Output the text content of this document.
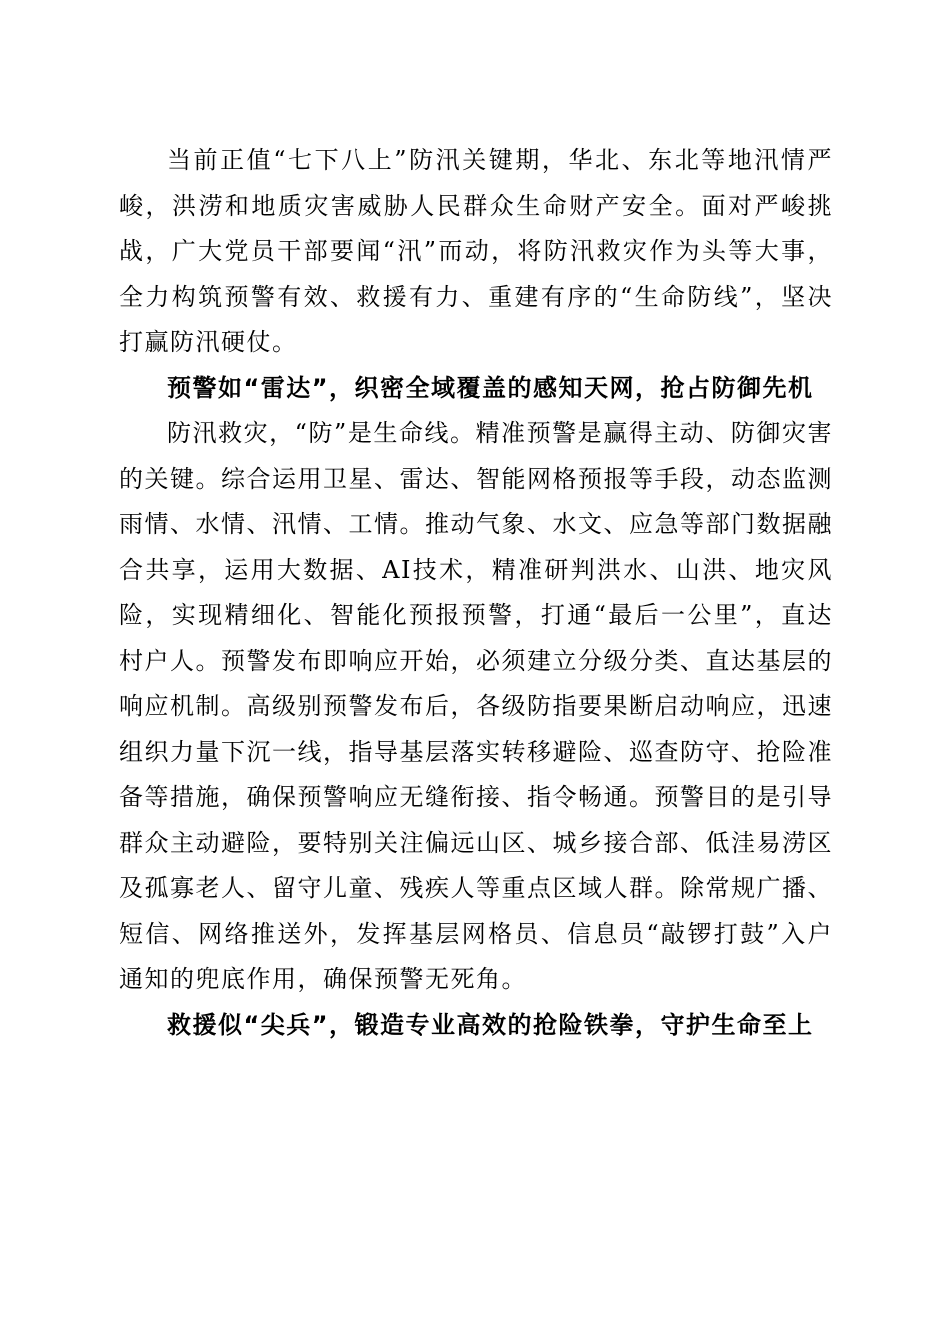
当前正值“七下八上”防汛关键期，华北、东北等地汛情严峻，洪涝和地质灾害威胁人民群众生命财产安全。面对严峻挑战，广大党员干部要闻“汛”而动，将防汛救灾作为头等大事，全力构筑预警有效、救援有力、重建有序的“生命防线”，坚决打赢防汛硬仗。

预警如“雷达”，织密全域覆盖的感知天网，抢占防御先机

防汛救灾，“防”是生命线。精准预警是赢得主动、防御灾害的关键。综合运用卫星、雷达、智能网格预报等手段，动态监测雨情、水情、汛情、工情。推动气象、水文、应急等部门数据融合共享，运用大数据、AI技术，精准研判洪水、山洪、地灾风险，实现精细化、智能化预报预警，打通“最后一公里”，直达村户人。预警发布即响应开始，必须建立分级分类、直达基层的响应机制。高级别预警发布后，各级防指要果断启动响应，迅速组织力量下沉一线，指导基层落实转移避险、巡查防守、抢险准备等措施，确保预警响应无缝衔接、指令畅通。预警目的是引导群众主动避险，要特别关注偏远山区、城乡接合部、低洼易涝区及孤寡老人、留守儿童、残疾人等重点区域人群。除常规广播、短信、网络推送外，发挥基层网格员、信息员“敲锣打鼓”入户通知的兜底作用，确保预警无死角。

救援似“尖兵”，锻造专业高效的抢险铁拳，守护生命至上
